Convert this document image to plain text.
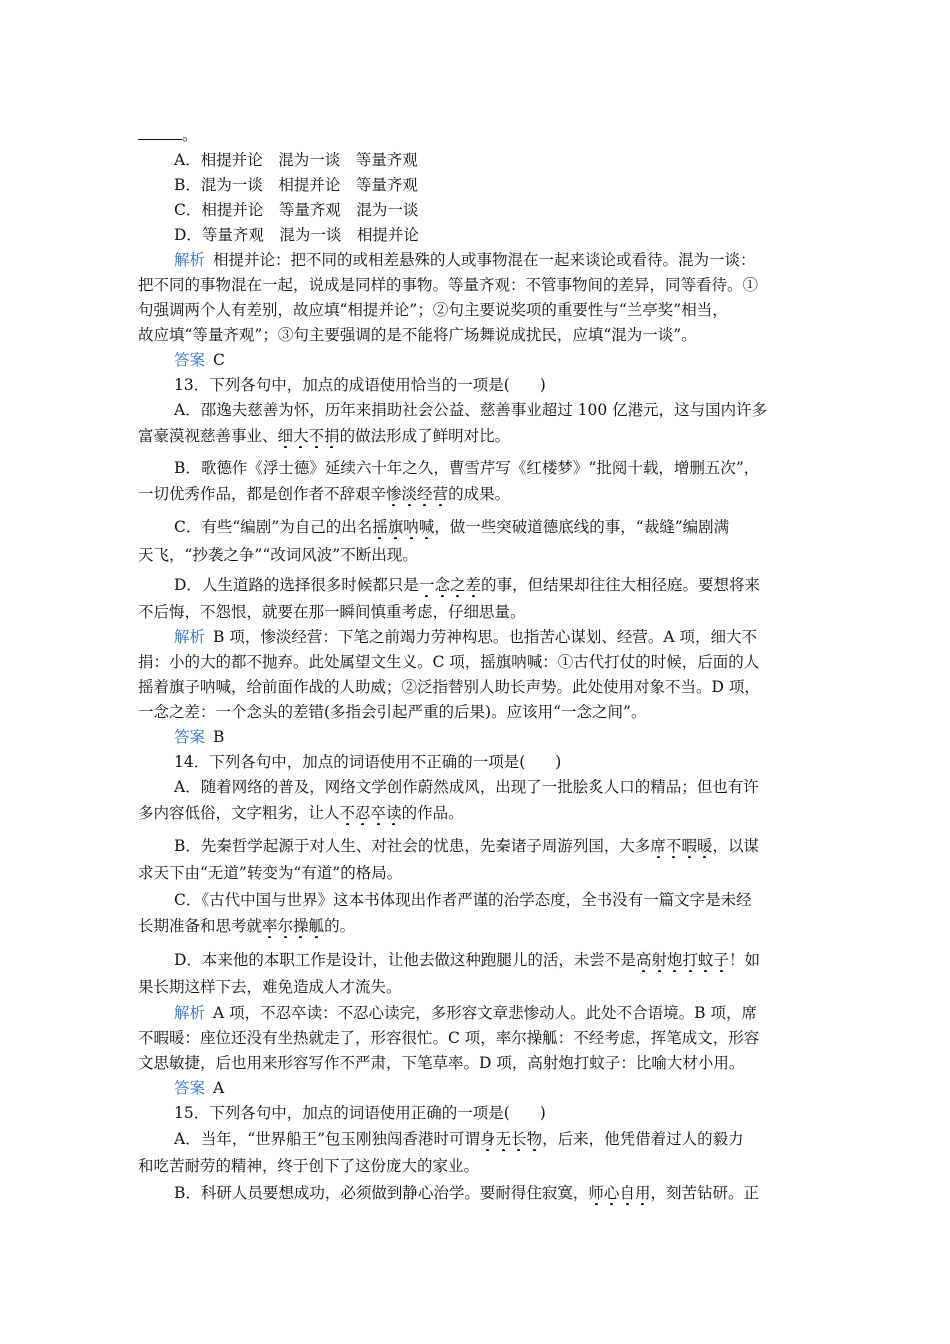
。
A．相提并论　混为一谈　等量齐观
B．混为一谈　相提并论　等量齐观
C．相提并论　等量齐观　混为一谈
D．等量齐观　混为一谈　相提并论
解析 相提并论：把不同的或相差悬殊的人或事物混在一起来谈论或看待。混为一谈：
把不同的事物混在一起，说成是同样的事物。等量齐观：不管事物间的差异，同等看待。①
句强调两个人有差别，故应填“相提并论”；②句主要说奖项的重要性与“兰亭奖”相当，
故应填“等量齐观”；③句主要强调的是不能将广场舞说成扰民，应填“混为一谈”。
答案 C
13．下列各句中，加点的成语使用恰当的一项是( )
A．邵逸夫慈善为怀，历年来捐助社会公益、慈善事业超过 100 亿港元，这与国内许多
富豪漠视慈善事业、细大不捐的做法形成了鲜明对比。
B．歌德作《浮士德》延续六十年之久，曹雪芹写《红楼梦》“批阅十载，增删五次”，
一切优秀作品，都是创作者不辞艰辛惨淡经营的成果。
C．有些“编剧”为自己的出名摇旗呐喊，做一些突破道德底线的事，“裁缝”编剧满
天飞，“抄袭之争”“改词风波”不断出现。
D．人生道路的选择很多时候都只是一念之差的事，但结果却往往大相径庭。要想将来
不后悔，不怨恨，就要在那一瞬间慎重考虑，仔细思量。
解析 B 项，惨淡经营：下笔之前竭力劳神构思。也指苦心谋划、经营。A 项，细大不
捐：小的大的都不抛弃。此处属望文生义。C 项，摇旗呐喊：①古代打仗的时候，后面的人
摇着旗子呐喊，给前面作战的人助威；②泛指替别人助长声势。此处使用对象不当。D 项，
一念之差：一个念头的差错(多指会引起严重的后果)。应该用“一念之间”。
答案 B
14．下列各句中，加点的词语使用不正确的一项是( )
A．随着网络的普及，网络文学创作蔚然成风，出现了一批脍炙人口的精品；但也有许
多内容低俗，文字粗劣，让人不忍卒读的作品。
B．先秦哲学起源于对人生、对社会的忧患，先秦诸子周游列国，大多席不暇暖，以谋
求天下由“无道”转变为“有道”的格局。
C．《古代中国与世界》这本书体现出作者严谨的治学态度，全书没有一篇文字是未经
长期准备和思考就率尔操觚的。
D．本来他的本职工作是设计，让他去做这种跑腿儿的活，未尝不是高射炮打蚊子！如
果长期这样下去，难免造成人才流失。
解析 A 项，不忍卒读：不忍心读完，多形容文章悲惨动人。此处不合语境。B 项，席
不暇暖：座位还没有坐热就走了，形容很忙。C 项，率尔操觚：不经考虑，挥笔成文，形容
文思敏捷，后也用来形容写作不严肃，下笔草率。D 项，高射炮打蚊子：比喻大材小用。
答案 A
15．下列各句中，加点的词语使用正确的一项是( )
A．当年，“世界船王”包玉刚独闯香港时可谓身无长物，后来，他凭借着过人的毅力
和吃苦耐劳的精神，终于创下了这份庞大的家业。
B．科研人员要想成功，必须做到静心治学。要耐得住寂寞，师心自用，刻苦钻研。正
